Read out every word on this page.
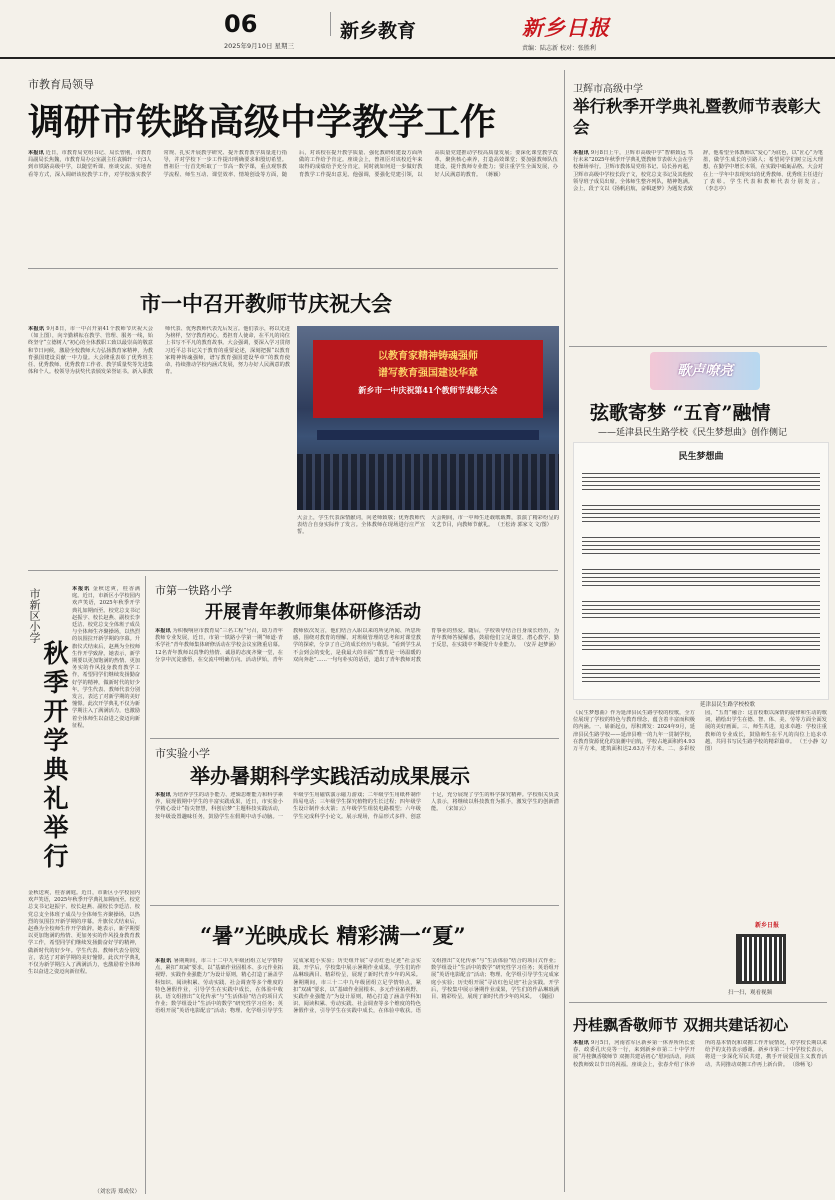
06	新乡教育
2025年9月10日 星期三
新乡日报
责编：陆志新 校对：张胜利
市教育局领导
调研市铁路高级中学教学工作
本报讯 近日，市教育局党组书记、局长曾刚，市教育局副局长焦魏，市教育局办公室副主任袁腾轩一行3人到市铁路高级中学，以随堂听课、座谈交流、实地查看等方式，深入调研该校教学工作，对学校落实教学常规、扎实开展教学研究、提升教育教学质量进行指导，并对学校下一步工作提出明确要求和殷切希望。曾祖臣一行首先听取了一节高一数学课，重点观察教学流程、师生互动、课堂效率、情境创设等方面，随后，对该校在提升教学质量、强化教研组建设方面所做的工作给予肯定。座谈会上，曾祖臣对该校近年来取得的成绩给予充分肯定，同时就如何进一步做好教育教学工作提出意见。他强调，要强化党建引领，以高质量党建推动学校高质量发展；要深化课堂教学改革，聚焦核心素养，打造高效课堂；要加强教师队伍建设，提升教师专业能力；要注重学生全面发展，办好人民满意的教育。 （蒋颖）
市一中召开教师节庆祝大会
本报讯 9月8日，市一中召开第41个教师节庆祝大会（如上图），向辛勤耕耘在教学、管理、服务一线，始终坚守“立德树人”初心的全体教职工致以最崇高的敬意和节日问候，激励全校教师大力弘扬教育家精神，为教育强国建设贡献一中力量。大会隆重表彰了优秀班主任、优秀教师、优秀教育工作者、教学质量奖等先进集体和个人。校领导为获奖代表颁发荣誉证书。新入职教师代表、优秀教师代表先后发言。他们表示，将以先进为榜样，坚守教育初心，勇担育人使命，在平凡的岗位上书写不平凡的教育故事。大会强调，要深入学习贯彻习近平总书记关于教育的重要论述，深刻把握“以教育家精神铸魂强师，谱写教育强国建设华章”的教育使命，持续推动学校内涵式发展，努力办好人民满意的教育。
以教育家精神铸魂强师
谱写教育强国建设华章
新乡市一中庆祝第41个教师节表彰大会
大会上，学生代表深情献词，向老师致敬；优秀教师代表结合自身实际作了发言。全体教师在现场进行庄严宣誓。
大会期间，市一中师生还载歌载舞，表演了精彩纷呈的文艺节目，向教师节献礼。 （王松涛 郭家文 文/图）
市新区小学
秋季开学典礼举行
本报讯 金秋送爽，桂香满庭。近日，市新区小学校园内欢声笑语，2025年秋季开学典礼如期而至。校党总支书记赵振宇、校长赵燕、副校长李廷洁、校党总支全体班子成员与全体师生齐聚操场，以热烈的氛围拉开新学期的序幕。升旗仪式结束后，赵燕为全校师生作开学致辞。她表示，新学期要以更加饱满的热情、更加务实的作风投身教育教学工作，希望同学们继续发扬勤奋好学的精神，做新时代的好少年。学生代表、教师代表分别发言，表达了对新学期的美好憧憬。此次开学典礼不仅为新学期注入了满满活力，也激励着全体师生以奋进之姿迈向新征程。
金秋送爽，桂香满庭。近日，市新区小学校园内欢声笑语，2025年秋季开学典礼如期而至。校党总支书记赵振宇、校长赵燕、副校长李廷洁、校党总支全体班子成员与全体师生齐聚操场，以热烈的氛围拉开新学期的序幕。升旗仪式结束后，赵燕为全校师生作开学致辞。她表示，新学期要以更加饱满的热情、更加务实的作风投身教育教学工作，希望同学们继续发扬勤奋好学的精神，做新时代的好少年。学生代表、教师代表分别发言，表达了对新学期的美好憧憬。此次开学典礼不仅为新学期注入了满满活力，也激励着全体师生以奋进之姿迈向新征程。
（刘宏涛 郑成仪）
市第一铁路小学
开展青年教师集体研修活动
本报讯 为积极响应市教育局“三名工程”号召，助力青年教师专业发展，近日，市第一铁路小学第一期“师道·青禾学社”青年教师集体研修活动在学校会议室隆重启幕。12名青年教师以真挚的热情、诚恳的态度齐聚一堂，在分享中沉淀感悟，在交流中明确方向。活动伊始，青年教师依次发言，他们结合入职以来的所见所闻、所思所感，围绕对教育的理解、对班级管理的思考和对课堂教学的探索，分享了自己的成长经历与收获。“看到学生从不会到会的变化，是我最大的幸福”“教育是一场温暖的双向奔赴”……一句句朴实的话语，道出了青年教师对教育事业的热爱。随后，学校领导结合自身成长经历，为青年教师答疑解惑，鼓励他们立足课堂、潜心教学、勤于反思，在实践中不断提升专业能力。 （安弄 赵梦涵）
市实验小学
举办暑期科学实践活动成果展示
本报讯 为培养学生的动手能力、逻辑思维能力和科学素养，展现假期中学生的丰富实践成果，近日，市实验小学精心设计“指尖智慧，科创启梦”主题科技实践活动，按年级设置趣味任务，鼓励学生在假期中动手动脑。一年级学生用磁铁演示磁力游戏；二年级学生用纸杯制作简易电话；三年级学生探究植物的生长过程；四年级学生设计制作水火箭；五年级学生组装电路模型；六年级学生完成科学小论文。展示现场，作品形式多样、创意十足，充分展现了学生的科学探究精神。学校相关负责人表示，将继续以科技教育为抓手，激发学生的创新潜能。 （宋如云）
“暑”光映成长 精彩满一“夏”
本报讯 暑期期间，市三十二中九年级团组立足学情特点，紧扣“双减”要求，以“基础作业固根本、多元作业拓视野、实践作业强能力”为设计原则，精心打造了涵盖学科知识、阅读积累、劳动实践、社会调查等多个维度的特色暑假作业，引导学生在实践中成长，在体验中收获。语文组推出“文化传承”与“生活体验”结合的项目式作业；数学组设计“生活中的数学”研究性学习任务；英语组开展“英语电影配音”活动；物理、化学组引导学生完成家庭小实验；历史组开展“寻访红色足迹”社会实践。开学后，学校集中展示暑期作业成果，学生们的作品琳琅满目、精彩纷呈，展现了新时代青少年的风采。 暑期期间，市三十二中九年级团组立足学情特点，紧扣“双减”要求，以“基础作业固根本、多元作业拓视野、实践作业强能力”为设计原则，精心打造了涵盖学科知识、阅读积累、劳动实践、社会调查等多个维度的特色暑假作业，引导学生在实践中成长，在体验中收获。语文组推出“文化传承”与“生活体验”结合的项目式作业；数学组设计“生活中的数学”研究性学习任务；英语组开展“英语电影配音”活动；物理、化学组引导学生完成家庭小实验；历史组开展“寻访红色足迹”社会实践。开学后，学校集中展示暑期作业成果，学生们的作品琳琅满目、精彩纷呈，展现了新时代青少年的风采。 （魏园）
卫辉市高级中学
举行秋季开学典礼暨教师节表彰大会
本报讯 9月8日上午，卫辉市高级中学“智耕致远 笃行未来”2025年秋季开学典礼暨教师节表彰大会在学校操场举行。卫辉市教体局党组书记、局长孙丙超，卫辉市高级中学校长段子文，校党总支书记及其他校领导班子成员出席。全体师生整齐列队，精神饱满。会上，段子文以《扬帆启航，奋楫逐梦》为题发表致辞，他希望全体教师以“爱心”为底色，以“匠心”为笔墨，做学生成长的引路人；希望同学们树立远大理想，在勤学中增长本领，在实践中砥砺品格。大会对在上一学年中表现突出的优秀教师、优秀班主任进行了表彰。学生代表和教师代表分别发言。 （李志亭）
歌声嘹亮
弦歌寄梦 “五育”融情
——延津县民生路学校《民生梦想曲》创作侧记
民生梦想曲
延津县民生路学校校歌
《民生梦想曲》作为延津县民生路学校的校歌，全方位展现了学校的特色与教育理念，蕴含着丰富而积极的内涵。一、崭新起点，厚积薄发：2024年9月，延津县民生路学校——延津县唯一的九年一贯制学校，在教育资源优化的浪潮中启航。学校占地面积约4.93万平方米，建筑面积达2.63万平方米。二、多彩校园，“五育”融合：这首校歌以深情的旋律和生动的歌词，描绘出学生在德、智、体、美、劳等方面全面发展的美好画面。三、师生共进，追求卓越：学校注重教师的专业成长，鼓励师生在平凡的岗位上追求卓越，共同书写民生路学校的精彩篇章。 （王小静 文/图）
扫一扫，观看视频
新乡日报
丹桂飘香敬师节 双拥共建话初心
本报讯 9月5日，河南省军区新乡第一休养所所长张春、政委孔庆亮等一行，来到新乡市第二十中学开展“丹桂飘香敬师节 双拥共建话初心”慰问活动，向该校教师致以节日的祝福。座谈会上，张春介绍了休养所的基本情况和双拥工作开展情况，对学校长期以来给予的支持表示感谢。新乡市第二十中学校长表示，将进一步深化军民共建，携手开展爱国主义教育活动，共同推动双拥工作再上新台阶。 （徐畅飞）
